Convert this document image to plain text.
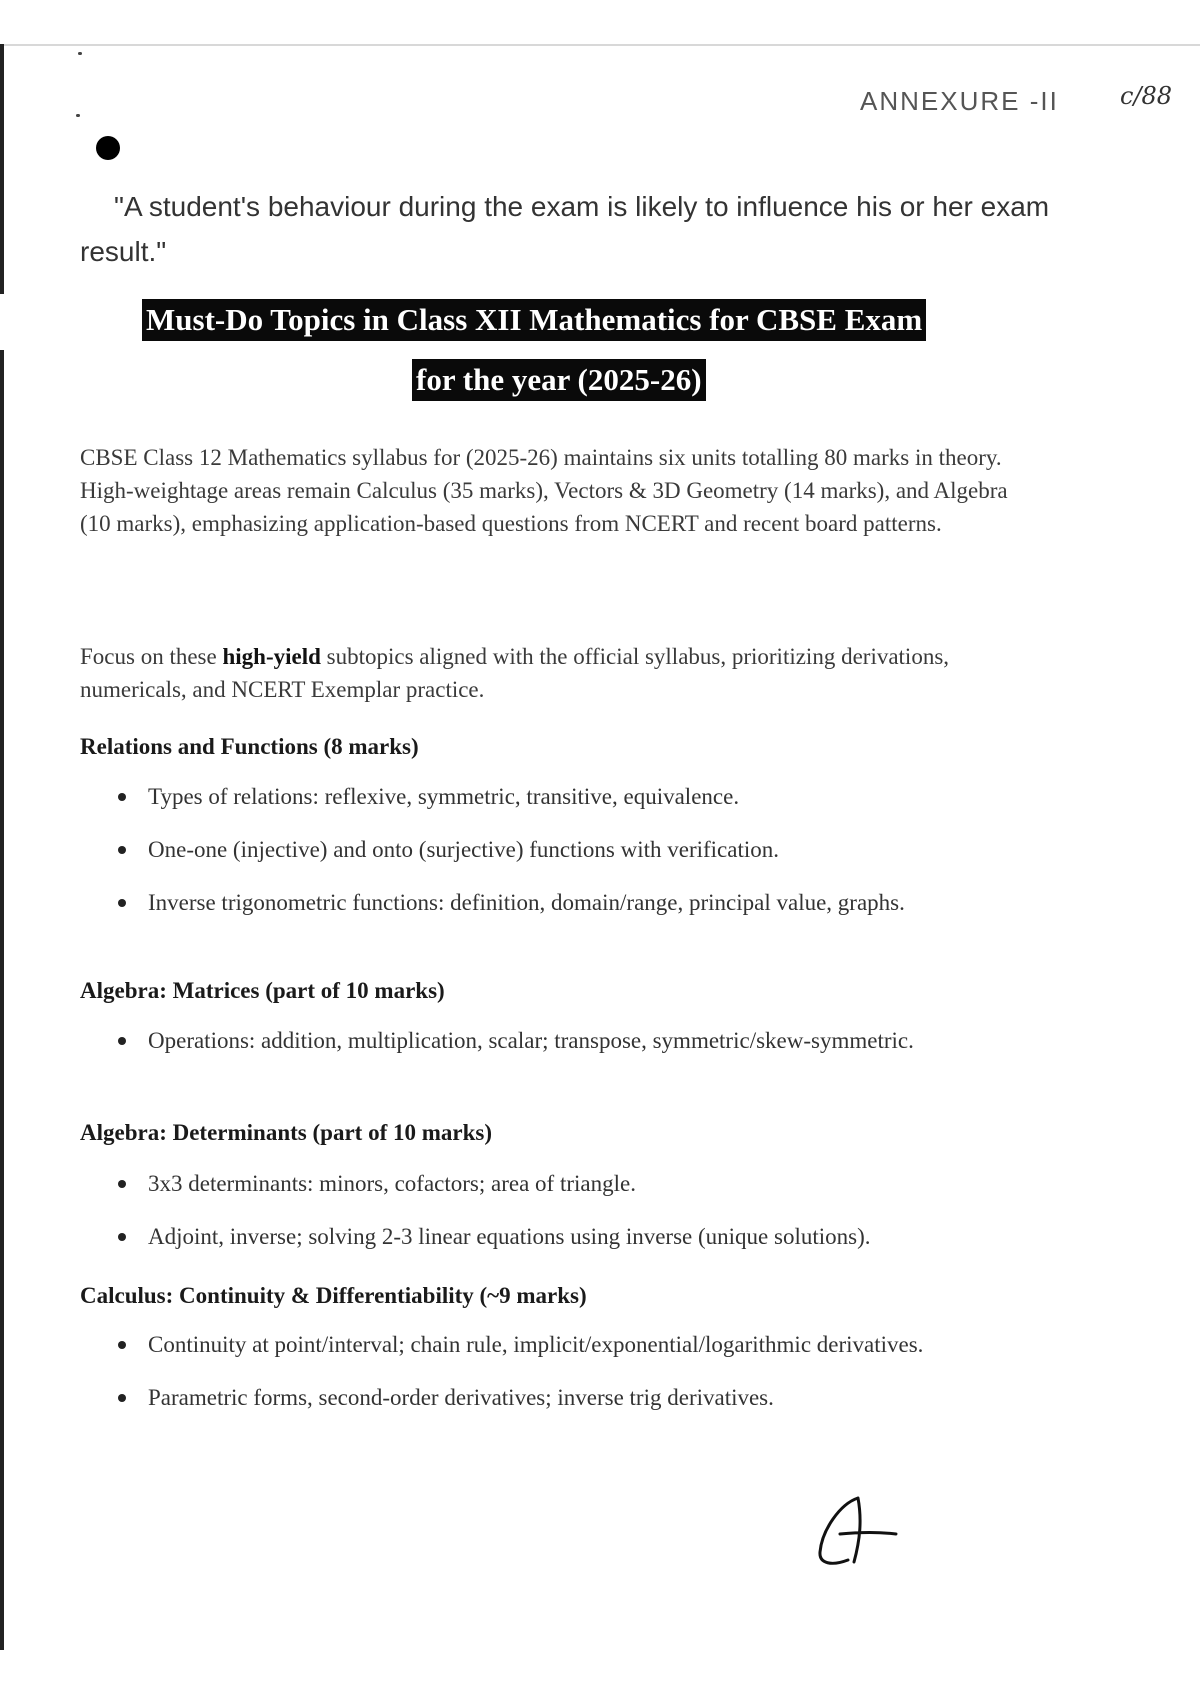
ANNEXURE -II	c/88
"A student's behaviour during the exam is likely to influence his or her exam result."
Must-Do Topics in Class XII Mathematics for CBSE Exam
for the year (2025-26)
CBSE Class 12 Mathematics syllabus for (2025-26) maintains six units totalling 80 marks in theory. High-weightage areas remain Calculus (35 marks), Vectors & 3D Geometry (14 marks), and Algebra (10 marks), emphasizing application-based questions from NCERT and recent board patterns.
Focus on these high-yield subtopics aligned with the official syllabus, prioritizing derivations, numericals, and NCERT Exemplar practice.
Relations and Functions (8 marks)
Types of relations: reflexive, symmetric, transitive, equivalence.
One-one (injective) and onto (surjective) functions with verification.
Inverse trigonometric functions: definition, domain/range, principal value, graphs.
Algebra: Matrices (part of 10 marks)
Operations: addition, multiplication, scalar; transpose, symmetric/skew-symmetric.
Algebra: Determinants (part of 10 marks)
3x3 determinants: minors, cofactors; area of triangle.
Adjoint, inverse; solving 2-3 linear equations using inverse (unique solutions).
Calculus: Continuity & Differentiability (~9 marks)
Continuity at point/interval; chain rule, implicit/exponential/logarithmic derivatives.
Parametric forms, second-order derivatives; inverse trig derivatives.
